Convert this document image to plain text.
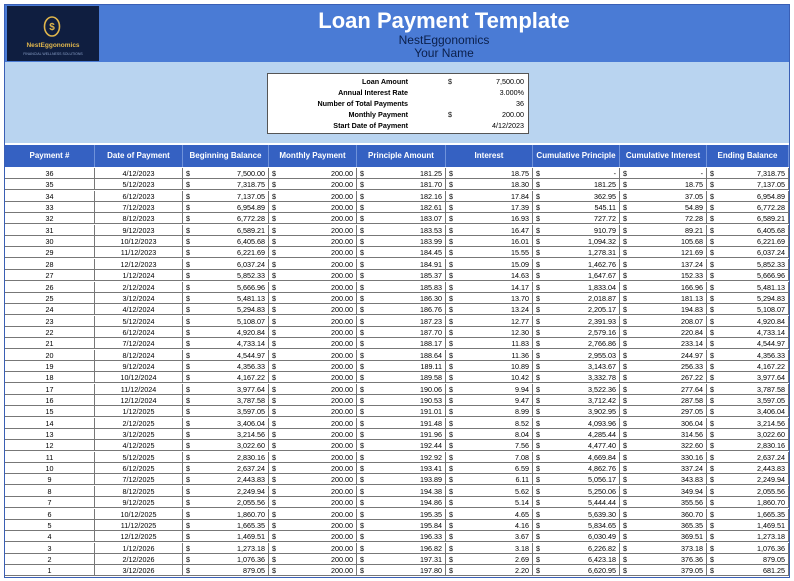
$
NestEggonomics
FINANCIAL WELLNESS SOLUTIONS
Loan Payment Template
NestEggonomics
Your Name
Loan Amount	$	7,500.00
Annual Interest Rate	3.000%
Number of Total Payments	36
Monthly Payment	$	200.00
Start Date of Payment	4/12/2023
Payment #	Date of Payment	Beginning Balance	Monthly Payment	Principle Amount	Interest	Cumulative Principle	Cumulative Interest	Ending Balance
36	4/12/2023	$	7,500.00 $	200.00 $	181.25 $	18.75 $	- $	- $	7,318.75
35	5/12/2023	$	7,318.75 $	200.00 $	181.70 $	18.30 $	181.25 $	18.75 $	7,137.05
34	6/12/2023	$	7,137.05 $	200.00 $	182.16 $	17.84 $	362.95 $	37.05 $	6,954.89
33	7/12/2023	$	6,954.89 $	200.00 $	182.61 $	17.39 $	545.11 $	54.89 $	6,772.28
32	8/12/2023	$	6,772.28 $	200.00 $	183.07 $	16.93 $	727.72 $	72.28 $	6,589.21
31	9/12/2023	$	6,589.21 $	200.00 $	183.53 $	16.47 $	910.79 $	89.21 $	6,405.68
30	10/12/2023	$	6,405.68 $	200.00 $	183.99 $	16.01 $	1,094.32 $	105.68 $	6,221.69
29	11/12/2023	$	6,221.69 $	200.00 $	184.45 $	15.55 $	1,278.31 $	121.69 $	6,037.24
28	12/12/2023	$	6,037.24 $	200.00 $	184.91 $	15.09 $	1,462.76 $	137.24 $	5,852.33
27	1/12/2024	$	5,852.33 $	200.00 $	185.37 $	14.63 $	1,647.67 $	152.33 $	5,666.96
26	2/12/2024	$	5,666.96 $	200.00 $	185.83 $	14.17 $	1,833.04 $	166.96 $	5,481.13
25	3/12/2024	$	5,481.13 $	200.00 $	186.30 $	13.70 $	2,018.87 $	181.13 $	5,294.83
24	4/12/2024	$	5,294.83 $	200.00 $	186.76 $	13.24 $	2,205.17 $	194.83 $	5,108.07
23	5/12/2024	$	5,108.07 $	200.00 $	187.23 $	12.77 $	2,391.93 $	208.07 $	4,920.84
22	6/12/2024	$	4,920.84 $	200.00 $	187.70 $	12.30 $	2,579.16 $	220.84 $	4,733.14
21	7/12/2024	$	4,733.14 $	200.00 $	188.17 $	11.83 $	2,766.86 $	233.14 $	4,544.97
20	8/12/2024	$	4,544.97 $	200.00 $	188.64 $	11.36 $	2,955.03 $	244.97 $	4,356.33
19	9/12/2024	$	4,356.33 $	200.00 $	189.11 $	10.89 $	3,143.67 $	256.33 $	4,167.22
18	10/12/2024	$	4,167.22 $	200.00 $	189.58 $	10.42 $	3,332.78 $	267.22 $	3,977.64
17	11/12/2024	$	3,977.64 $	200.00 $	190.06 $	9.94 $	3,522.36 $	277.64 $	3,787.58
16	12/12/2024	$	3,787.58 $	200.00 $	190.53 $	9.47 $	3,712.42 $	287.58 $	3,597.05
15	1/12/2025	$	3,597.05 $	200.00 $	191.01 $	8.99 $	3,902.95 $	297.05 $	3,406.04
14	2/12/2025	$	3,406.04 $	200.00 $	191.48 $	8.52 $	4,093.96 $	306.04 $	3,214.56
13	3/12/2025	$	3,214.56 $	200.00 $	191.96 $	8.04 $	4,285.44 $	314.56 $	3,022.60
12	4/12/2025	$	3,022.60 $	200.00 $	192.44 $	7.56 $	4,477.40 $	322.60 $	2,830.16
11	5/12/2025	$	2,830.16 $	200.00 $	192.92 $	7.08 $	4,669.84 $	330.16 $	2,637.24
10	6/12/2025	$	2,637.24 $	200.00 $	193.41 $	6.59 $	4,862.76 $	337.24 $	2,443.83
9	7/12/2025	$	2,443.83 $	200.00 $	193.89 $	6.11 $	5,056.17 $	343.83 $	2,249.94
8	8/12/2025	$	2,249.94 $	200.00 $	194.38 $	5.62 $	5,250.06 $	349.94 $	2,055.56
7	9/12/2025	$	2,055.56 $	200.00 $	194.86 $	5.14 $	5,444.44 $	355.56 $	1,860.70
6	10/12/2025	$	1,860.70 $	200.00 $	195.35 $	4.65 $	5,639.30 $	360.70 $	1,665.35
5	11/12/2025	$	1,665.35 $	200.00 $	195.84 $	4.16 $	5,834.65 $	365.35 $	1,469.51
4	12/12/2025	$	1,469.51 $	200.00 $	196.33 $	3.67 $	6,030.49 $	369.51 $	1,273.18
3	1/12/2026	$	1,273.18 $	200.00 $	196.82 $	3.18 $	6,226.82 $	373.18 $	1,076.36
2	2/12/2026	$	1,076.36 $	200.00 $	197.31 $	2.69 $	6,423.18 $	376.36 $	879.05
1	3/12/2026	$	879.05 $	200.00 $	197.80 $	2.20 $	6,620.95 $	379.05 $	681.25
